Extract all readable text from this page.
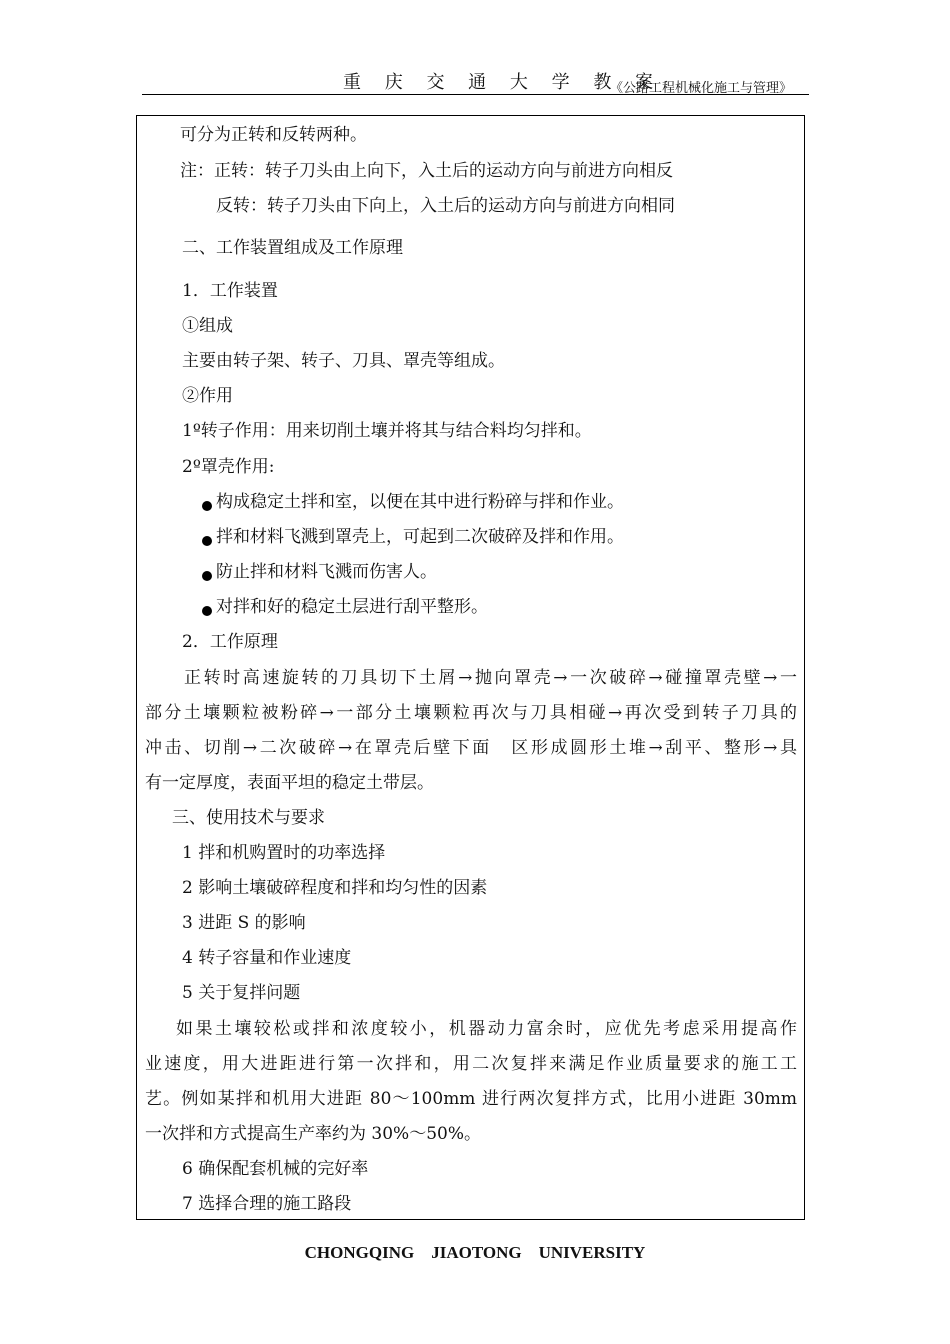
重 庆 交 通 大 学 教 案
《公路工程机械化施工与管理》
可分为正转和反转两种。
注：正转：转子刀头由上向下，入土后的运动方向与前进方向相反
反转：转子刀头由下向上，入土后的运动方向与前进方向相同
二、工作装置组成及工作原理
1．工作装置
①组成
主要由转子架、转子、刀具、罩壳等组成。
②作用
1º转子作用：用来切削土壤并将其与结合料均匀拌和。
2º罩壳作用:
构成稳定土拌和室，以便在其中进行粉碎与拌和作业。
拌和材料飞溅到罩壳上，可起到二次破碎及拌和作用。
防止拌和材料飞溅而伤害人。
对拌和好的稳定土层进行刮平整形。
2．工作原理
正转时高速旋转的刀具切下土屑→抛向罩壳→一次破碎→碰撞罩壳壁→一
部分土壤颗粒被粉碎→一部分土壤颗粒再次与刀具相碰→再次受到转子刀具的
冲击、切削→二次破碎→在罩壳后壁下面　区形成圆形土堆→刮平、整形→具
有一定厚度，表面平坦的稳定土带层。
三、使用技术与要求
1 拌和机购置时的功率选择
2 影响土壤破碎程度和拌和均匀性的因素
3 进距 S 的影响
4 转子容量和作业速度
5 关于复拌问题
如果土壤较松或拌和浓度较小，机器动力富余时，应优先考虑采用提高作
业速度，用大进距进行第一次拌和，用二次复拌来满足作业质量要求的施工工
艺。例如某拌和机用大进距 80～100mm 进行两次复拌方式，比用小进距 30mm
一次拌和方式提高生产率约为 30%～50%。
6 确保配套机械的完好率
7 选择合理的施工路段
CHONGQING    JIAOTONG    UNIVERSITY
